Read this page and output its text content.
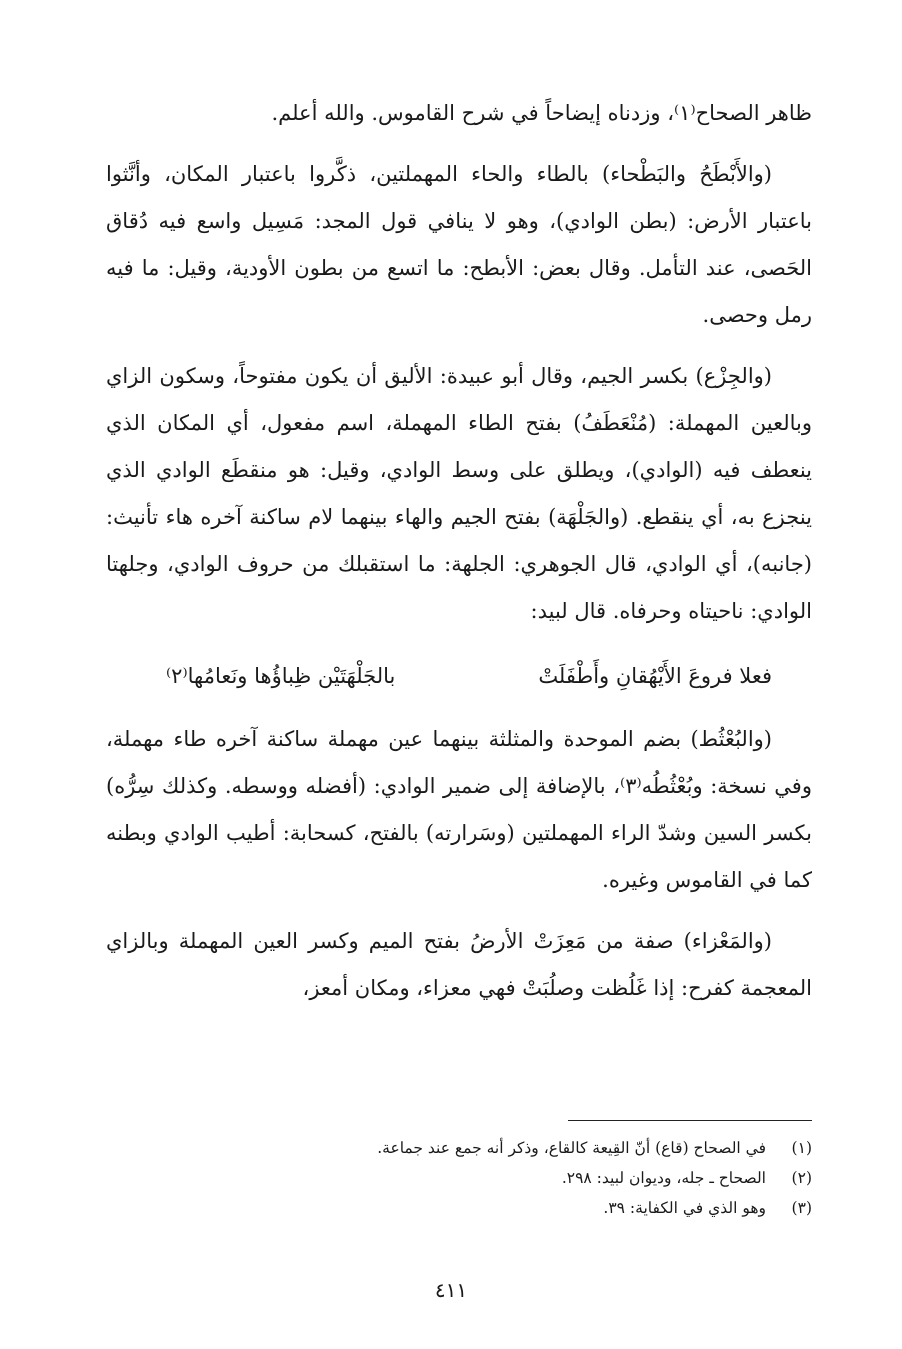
ظاهر الصحاح⁽١⁾، وزدناه إيضاحاً في شرح القاموس. والله أعلم.

(والأَبْطَحُ والبَطْحاء) بالطاء والحاء المهملتين، ذكَّروا باعتبار المكان، وأنَّثوا باعتبار الأرض: (بطن الوادي)، وهو لا ينافي قول المجد: مَسِيل واسع فيه دُقاق الحَصى، عند التأمل. وقال بعض: الأبطح: ما اتسع من بطون الأودية، وقيل: ما فيه رمل وحصى.

(والجِزْع) بكسر الجيم، وقال أبو عبيدة: الأليق أن يكون مفتوحاً، وسكون الزاي وبالعين المهملة: (مُنْعَطَفُ) بفتح الطاء المهملة، اسم مفعول، أي المكان الذي ينعطف فيه (الوادي)، ويطلق على وسط الوادي، وقيل: هو منقطَع الوادي الذي ينجزع به، أي ينقطع. (والجَلْهَة) بفتح الجيم والهاء بينهما لام ساكنة آخره هاء تأنيث: (جانبه)، أي الوادي، قال الجوهري: الجلهة: ما استقبلك من حروف الوادي، وجلهتا الوادي: ناحيتاه وحرفاه. قال لبيد:

فعلا فروعَ الأَيْهُقانِ وأَطْفَلَتْ
بالجَلْهَتَيْن ظِباؤُها ونَعامُها⁽٢⁾

(والبُعْثُط) بضم الموحدة والمثلثة بينهما عين مهملة ساكنة آخره طاء مهملة، وفي نسخة: وبُعْثُطُه⁽٣⁾، بالإضافة إلى ضمير الوادي: (أفضله ووسطه. وكذلك سِرُّه) بكسر السين وشدّ الراء المهملتين (وسَرارته) بالفتح، كسحابة: أطيب الوادي وبطنه كما في القاموس وغيره.

(والمَعْزاء) صفة من مَعِزَتْ الأرضُ بفتح الميم وكسر العين المهملة وبالزاي المعجمة كفرح: إذا غَلُظت وصلُبَتْ فهي معزاء، ومكان أمعز،

(١)
في الصحاح (قاع) أنّ القِيعة كالقاع، وذكر أنه جمع عند جماعة.
(٢)
الصحاح ـ جله، وديوان لبيد: ٢٩٨.
(٣)
وهو الذي في الكفاية: ٣٩.
٤١١
